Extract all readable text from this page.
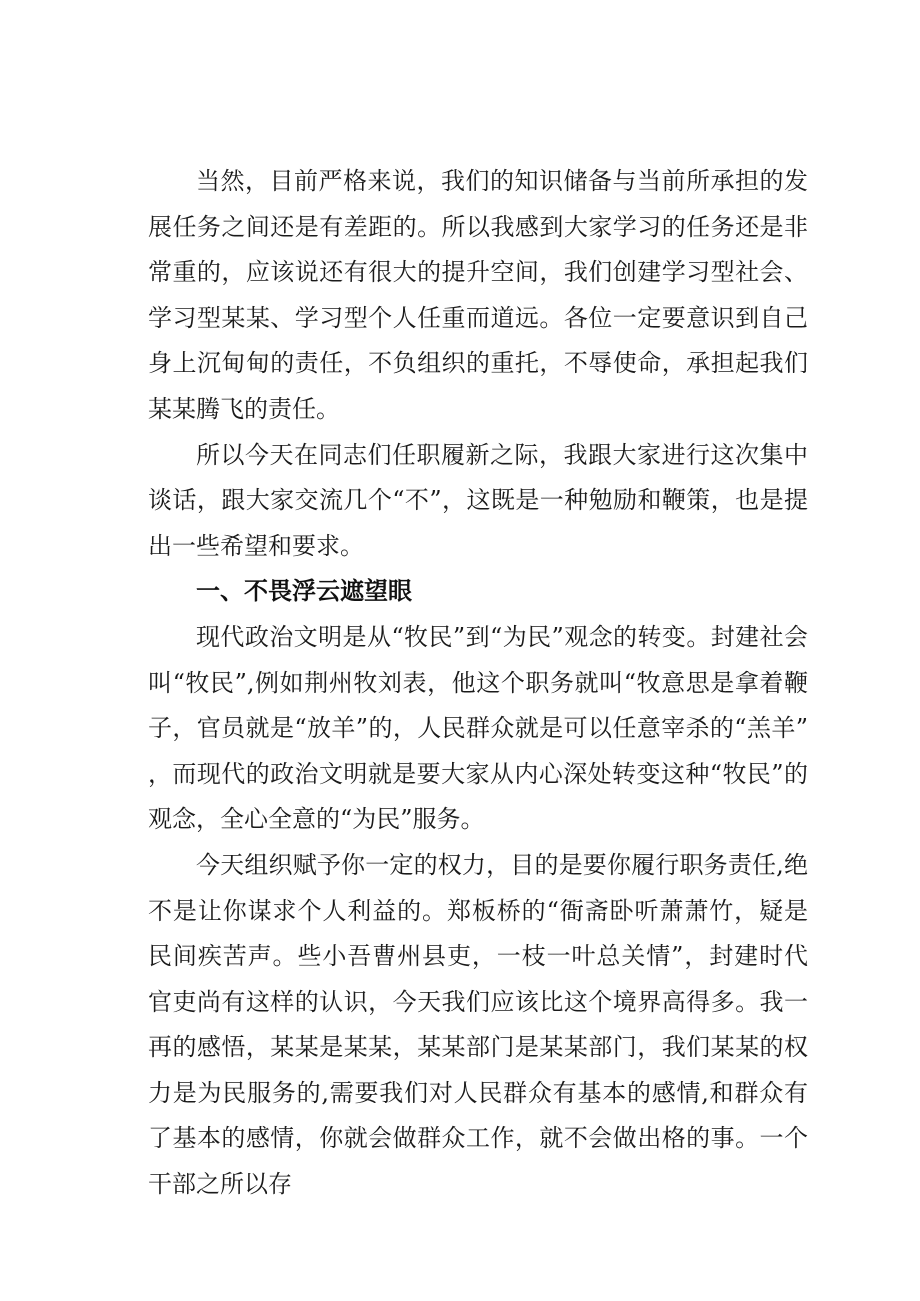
当然，目前严格来说，我们的知识储备与当前所承担的发展任务之间还是有差距的。所以我感到大家学习的任务还是非常重的，应该说还有很大的提升空间，我们创建学习型社会、学习型某某、学习型个人任重而道远。各位一定要意识到自己身上沉甸甸的责任，不负组织的重托，不辱使命，承担起我们某某腾飞的责任。

所以今天在同志们任职履新之际，我跟大家进行这次集中谈话，跟大家交流几个“不”，这既是一种勉励和鞭策，也是提出一些希望和要求。

一、不畏浮云遮望眼

现代政治文明是从“牧民”到“为民”观念的转变。封建社会叫“牧民”,例如荆州牧刘表，他这个职务就叫“牧意思是拿着鞭子，官员就是“放羊”的，人民群众就是可以任意宰杀的“羔羊”，而现代的政治文明就是要大家从内心深处转变这种“牧民”的观念，全心全意的“为民”服务。

今天组织赋予你一定的权力，目的是要你履行职务责任,绝不是让你谋求个人利益的。郑板桥的“衙斋卧听萧萧竹，疑是民间疾苦声。些小吾曹州县吏，一枝一叶总关情”，封建时代官吏尚有这样的认识，今天我们应该比这个境界高得多。我一再的感悟，某某是某某，某某部门是某某部门，我们某某的权力是为民服务的,需要我们对人民群众有基本的感情,和群众有了基本的感情，你就会做群众工作，就不会做出格的事。一个干部之所以存
